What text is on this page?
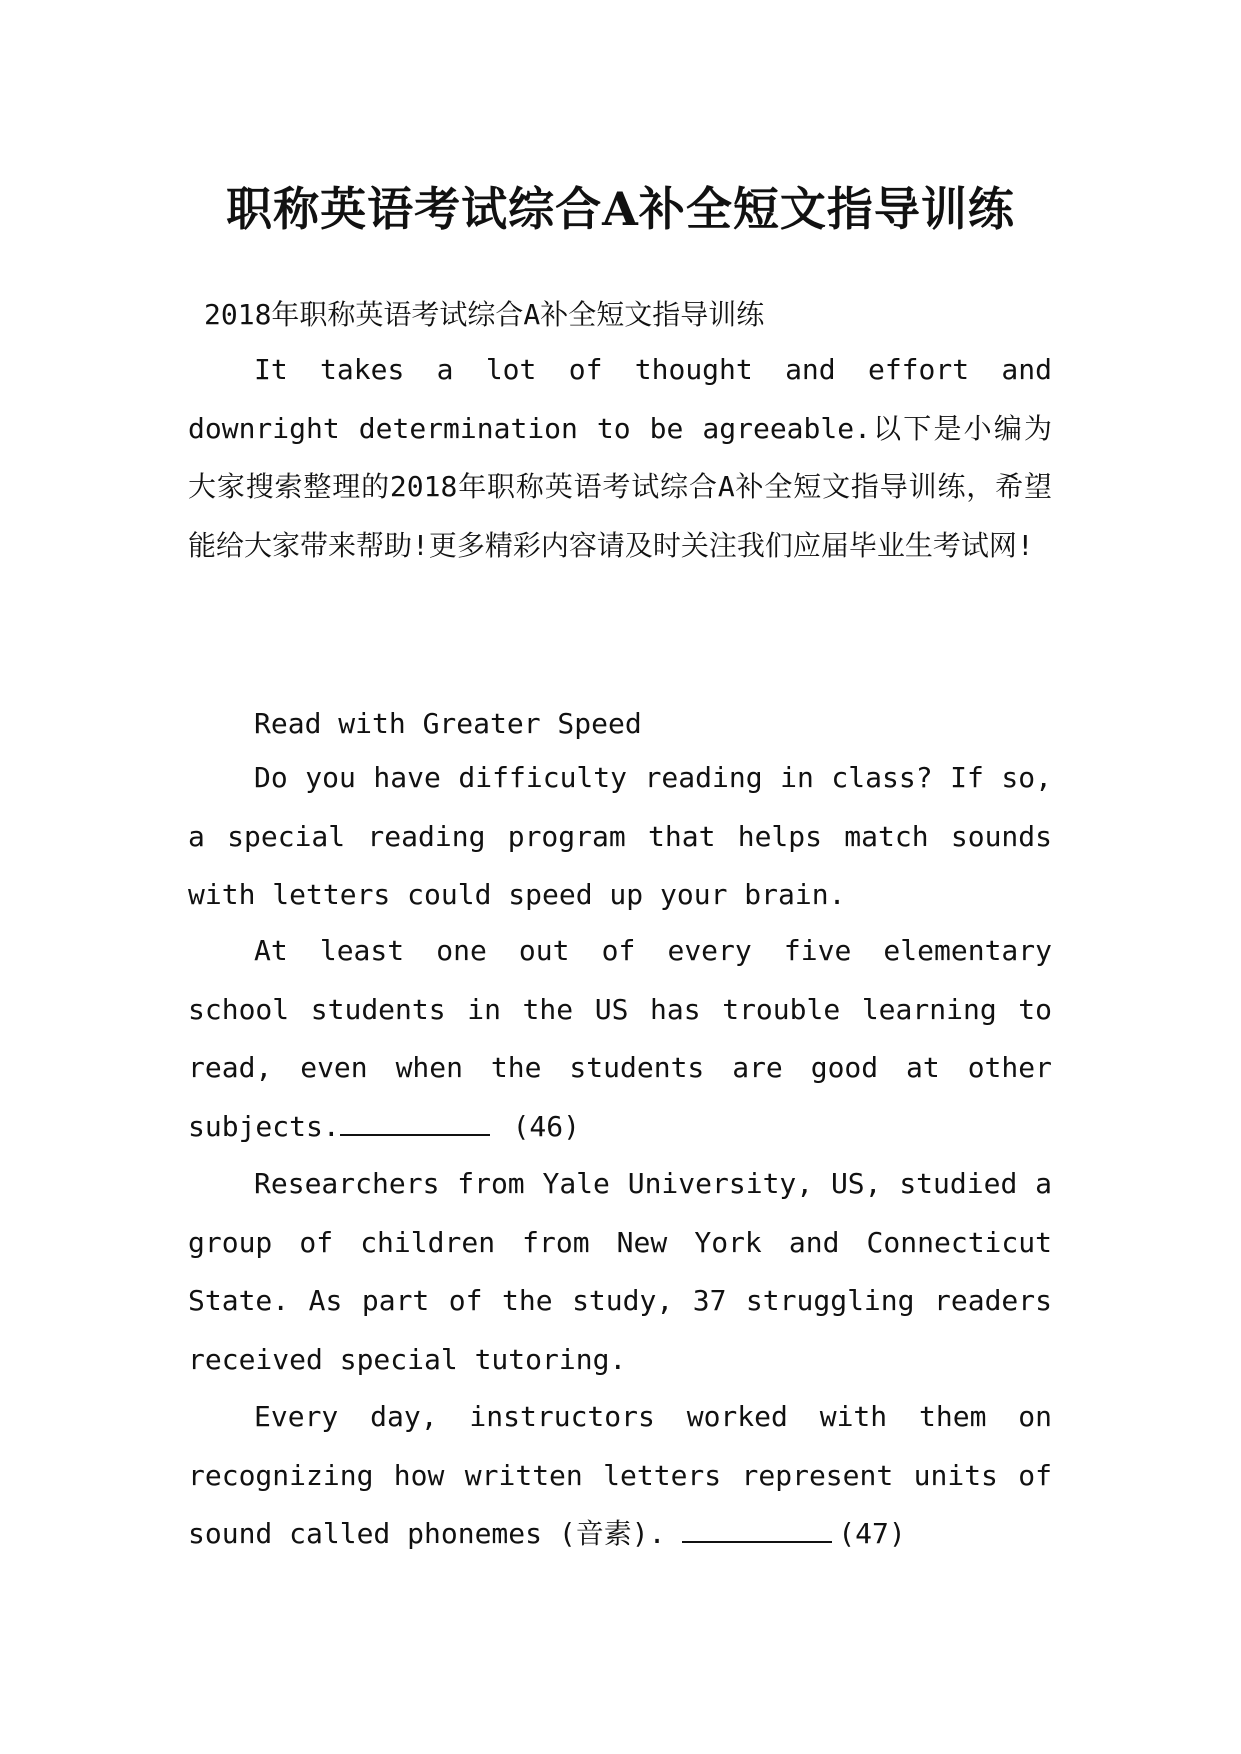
职称英语考试综合A补全短文指导训练

2018年职称英语考试综合A补全短文指导训练

It takes a lot of thought and effort and downright determination to be agreeable.以下是小编为大家搜索整理的2018年职称英语考试综合A补全短文指导训练，希望能给大家带来帮助!更多精彩内容请及时关注我们应届毕业生考试网!

Read with Greater Speed

Do you have difficulty reading in class? If so, a special reading program that helps match sounds with letters could speed up your brain.

At least one out of every five elementary school students in the US has trouble learning to read, even when the students are good at other subjects.	(46)

Researchers from Yale University, US, studied a group of children from New York and Connecticut State. As part of the study, 37 struggling readers received special tutoring.

Every day, instructors worked with them on recognizing how written letters represent units of sound called phonemes (音素).	(47)
